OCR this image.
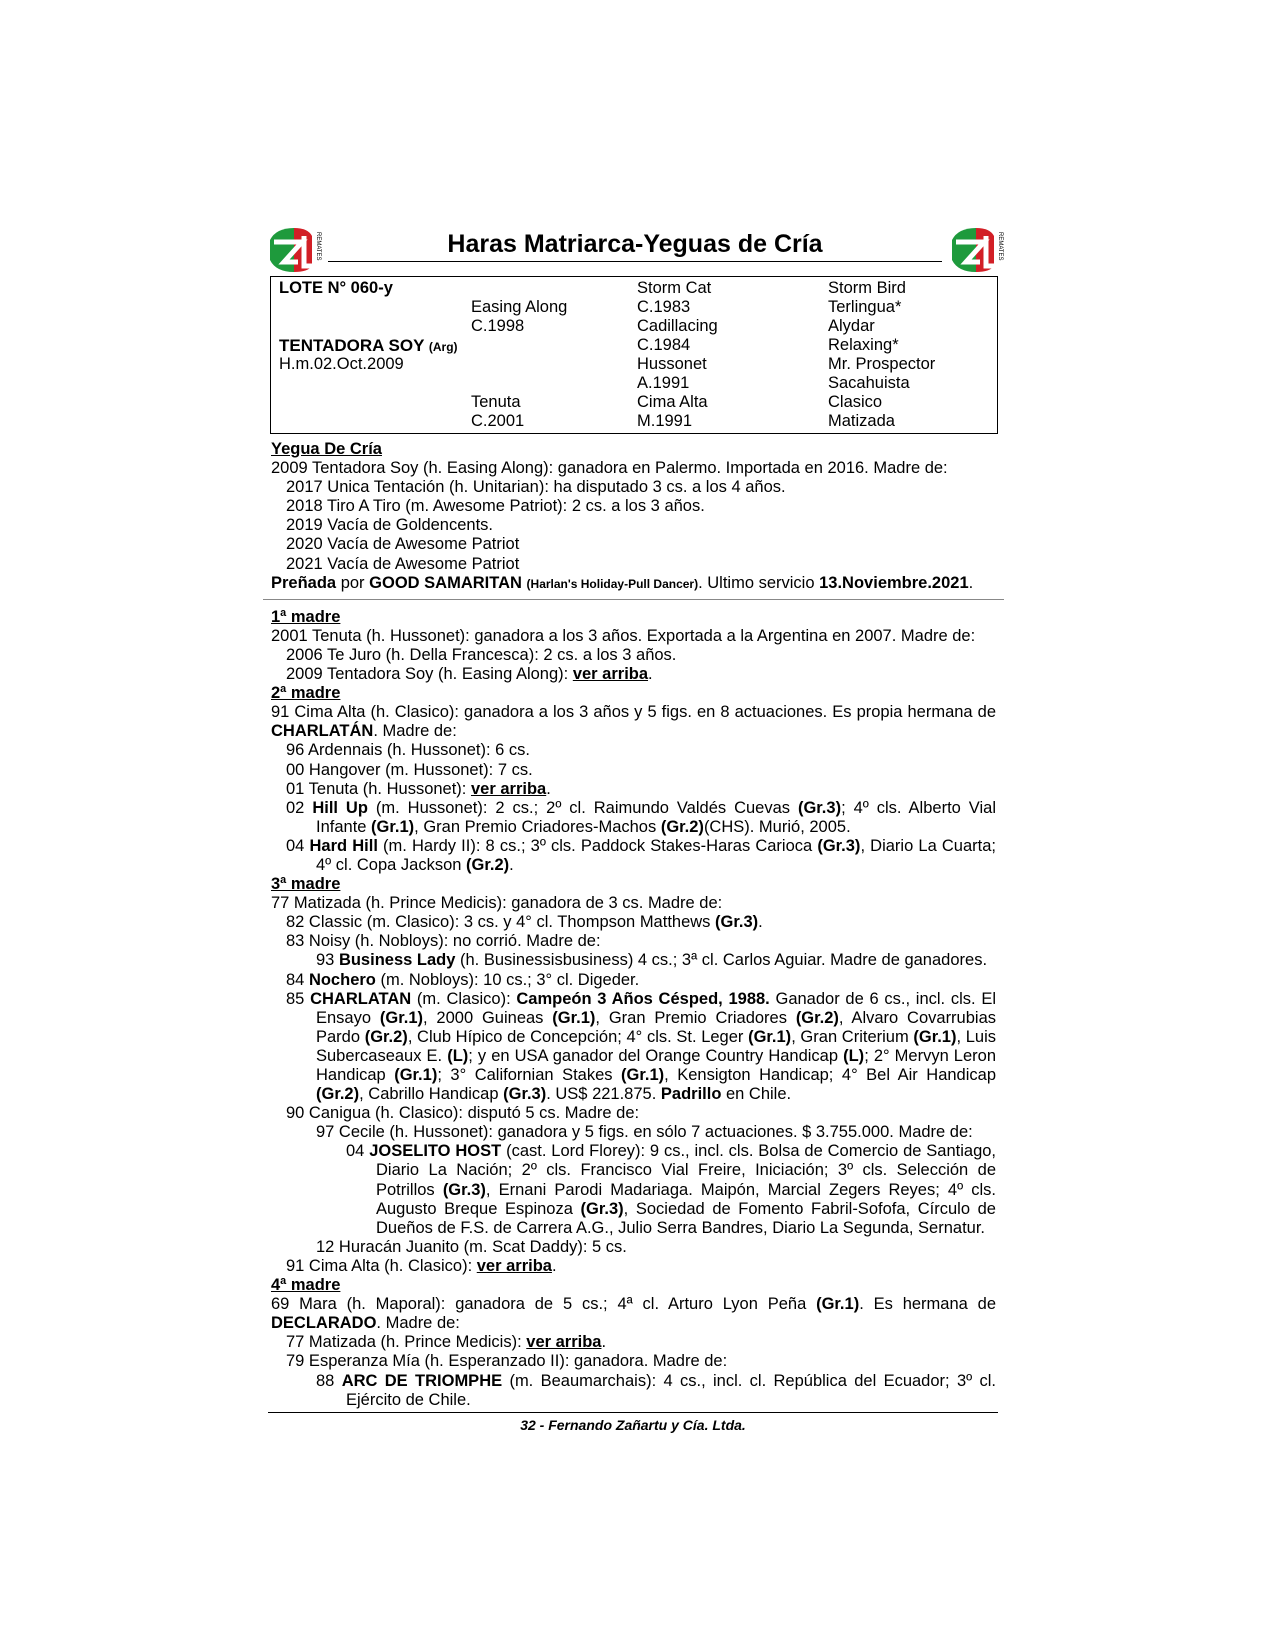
REMATES	REMATES
Haras Matriarca-Yeguas de Cría
LOTE N° 060-y
TENTADORA SOY (Arg)
H.m.02.Oct.2009
Easing Along
C.1998
Tenuta
C.2001
Storm Cat
C.1983
Cadillacing
C.1984
Hussonet
A.1991
Cima Alta
M.1991
Storm Bird
Terlingua*
Alydar
Relaxing*
Mr. Prospector
Sacahuista
Clasico
Matizada

Yegua De Cría

2009 Tentadora Soy (h. Easing Along): ganadora en Palermo. Importada en 2016. Madre de:

2017 Unica Tentación (h. Unitarian): ha disputado 3 cs. a los 4 años.

2018 Tiro A Tiro (m. Awesome Patriot): 2 cs. a los 3 años.

2019 Vacía de Goldencents.

2020 Vacía de Awesome Patriot

2021 Vacía de Awesome Patriot

Preñada por GOOD SAMARITAN (Harlan's Holiday-Pull Dancer). Ultimo servicio 13.Noviembre.2021.

1ª madre

2001 Tenuta (h. Hussonet): ganadora a los 3 años. Exportada a la Argentina en 2007. Madre de:

2006 Te Juro (h. Della Francesca): 2 cs. a los 3 años.

2009 Tentadora Soy (h. Easing Along): ver arriba.

2ª madre

91 Cima Alta (h. Clasico): ganadora a los 3 años y 5 figs. en 8 actuaciones. Es propia hermana de CHARLATÁN. Madre de:

96 Ardennais (h. Hussonet): 6 cs.

00 Hangover (m. Hussonet): 7 cs.

01 Tenuta (h. Hussonet): ver arriba.

02 Hill Up (m. Hussonet): 2 cs.; 2º cl. Raimundo Valdés Cuevas (Gr.3); 4º cls. Alberto Vial Infante (Gr.1), Gran Premio Criadores-Machos (Gr.2)(CHS). Murió, 2005.

04 Hard Hill (m. Hardy II): 8 cs.; 3º cls. Paddock Stakes-Haras Carioca (Gr.3), Diario La Cuarta; 4º cl. Copa Jackson (Gr.2).

3ª madre

77 Matizada (h. Prince Medicis): ganadora de 3 cs. Madre de:

82 Classic (m. Clasico): 3 cs. y 4° cl. Thompson Matthews (Gr.3).

83 Noisy (h. Nobloys): no corrió. Madre de:

93 Business Lady (h. Businessisbusiness) 4 cs.; 3ª cl. Carlos Aguiar. Madre de ganadores.

84 Nochero (m. Nobloys): 10 cs.; 3° cl. Digeder.

85 CHARLATAN (m. Clasico): Campeón 3 Años Césped, 1988. Ganador de 6 cs., incl. cls. El Ensayo (Gr.1), 2000 Guineas (Gr.1), Gran Premio Criadores (Gr.2), Alvaro Covarrubias Pardo (Gr.2), Club Hípico de Concepción; 4° cls. St. Leger (Gr.1), Gran Criterium (Gr.1), Luis Subercaseaux E. (L); y en USA ganador del Orange Country Handicap (L); 2° Mervyn Leron Handicap (Gr.1); 3° Californian Stakes (Gr.1), Kensigton Handicap; 4° Bel Air Handicap (Gr.2), Cabrillo Handicap (Gr.3). US$ 221.875. Padrillo en Chile.

90 Canigua (h. Clasico): disputó 5 cs. Madre de:

97 Cecile (h. Hussonet): ganadora y 5 figs. en sólo 7 actuaciones. $ 3.755.000. Madre de:

04 JOSELITO HOST (cast. Lord Florey): 9 cs., incl. cls. Bolsa de Comercio de Santiago, Diario La Nación; 2º cls. Francisco Vial Freire, Iniciación; 3º cls. Selección de Potrillos (Gr.3), Ernani Parodi Madariaga. Maipón, Marcial Zegers Reyes; 4º cls. Augusto Breque Espinoza (Gr.3), Sociedad de Fomento Fabril-Sofofa, Círculo de Dueños de F.S. de Carrera A.G., Julio Serra Bandres, Diario La Segunda, Sernatur.

12 Huracán Juanito (m. Scat Daddy): 5 cs.

91 Cima Alta (h. Clasico): ver arriba.

4ª madre

69 Mara (h. Maporal): ganadora de 5 cs.; 4ª cl. Arturo Lyon Peña (Gr.1). Es hermana de DECLARADO. Madre de:

77 Matizada (h. Prince Medicis): ver arriba.

79 Esperanza Mía (h. Esperanzado II): ganadora. Madre de:

88 ARC DE TRIOMPHE (m. Beaumarchais): 4 cs., incl. cl. República del Ecuador; 3º cl. Ejército de Chile.

32 - Fernando Zañartu y Cía. Ltda.
